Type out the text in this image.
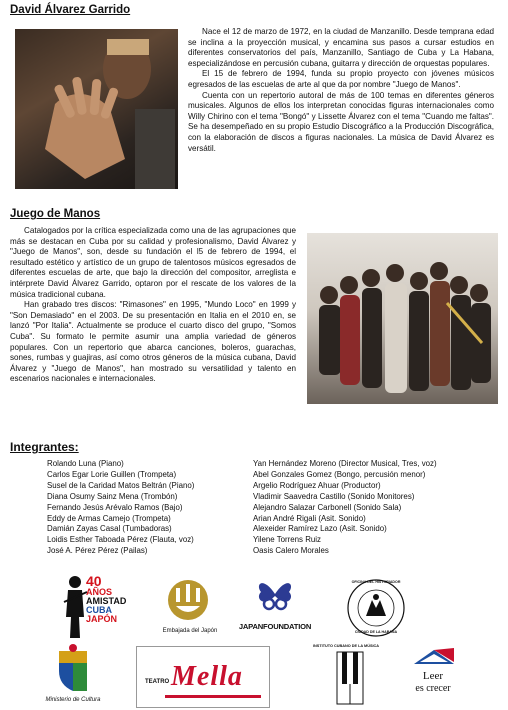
David Álvarez Garrido

Nace el 12 de marzo de 1972, en la ciudad de Manzanillo. Desde temprana edad se inclina a la proyección musical, y encamina sus pasos a cursar estudios en diferentes conservatorios del país, Manzanillo, Santiago de Cuba y La Habana, especializándose en percusión cubana, guitarra y dirección de orquestas populares.

El 15 de febrero de 1994, funda su propio proyecto con jóvenes músicos egresados de las escuelas de arte al que da por nombre "Juego de Manos".

Cuenta con un repertorio autoral de más de 100 temas en diferentes géneros musicales. Algunos de ellos los interpretan conocidas figuras internacionales como Willy Chirino con el tema "Bongó" y Lissette Álvarez con el tema "Cuando me faltas". Se ha desempeñado en su propio Estudio Discográfico a la Producción Discográfica, con la elaboración de discos a figuras nacionales. La música de David Álvarez es versátil.

Juego de Manos

Catalogados por la crítica especializada como una de las agrupaciones que más se destacan en Cuba por su calidad y profesionalismo, David Álvarez y "Juego de Manos", son, desde su fundación el l5 de febrero de 1994, el resultado estético y artístico de un grupo de talentosos músicos egresados de diferentes escuelas de arte, que bajo la dirección del compositor, arreglista e intérprete David Álvarez Garrido, optaron por el rescate de los valores de la música tradicional cubana.

Han grabado tres discos: "Rimasones" en 1995, "Mundo Loco" en 1999 y "Son Demasiado" en el 2003. De su presentación en Italia en el 2010 en, se lanzó "Por Italia". Actualmente se produce el cuarto disco del grupo, "Somos Cuba". Su formato le permite asumir una amplia variedad de géneros populares. Con un repertorio que abarca canciones, boleros, guarachas, sones, rumbas y guajiras, así como otros géneros de la música cubana, David Álvarez y "Juego de Manos", han mostrado su versatilidad y talento en escenarios nacionales e internacionales.

Integrantes:
Rolando Luna (Piano)
Carlos Egar Lorie Guillen (Trompeta)
Susel de la Caridad Matos Beltrán (Piano)
Diana Osumy Sainz Mena (Trombón)
Fernando Jesús Arévalo Ramos (Bajo)
Eddy de Armas Camejo (Trompeta)
Damián Zayas Casal (Tumbadoras)
Loidis Esther Taboada Pérez (Flauta, voz)
José A. Pérez Pérez (Pailas)
Yan Hernández Moreno (Director Musical, Tres, voz)
Abel Gonzales Gomez (Bongo, percusión menor)
Argelio Rodríguez Ahuar (Productor)
Vladimir Saavedra Castillo (Sonido Monitores)
Alejandro Salazar Carbonell (Sonido Sala)
Arian André Rigali (Asit. Sonido)
Alexeider Ramírez Lazo (Asit. Sonido)
Yilene Torrens Ruiz
Oasis Calero Morales
40
AÑOS
AMISTAD
CUBA
JAPÓN
Embajada del Japón	JAPANFOUNDATION
OFICINA DEL HISTORIADOR
CIUDAD DE LA HABANA
Ministerio de Cultura
TEATRO Mella
INSTITUTO CUBANO DE LA MÚSICA
Leer
es crecer
